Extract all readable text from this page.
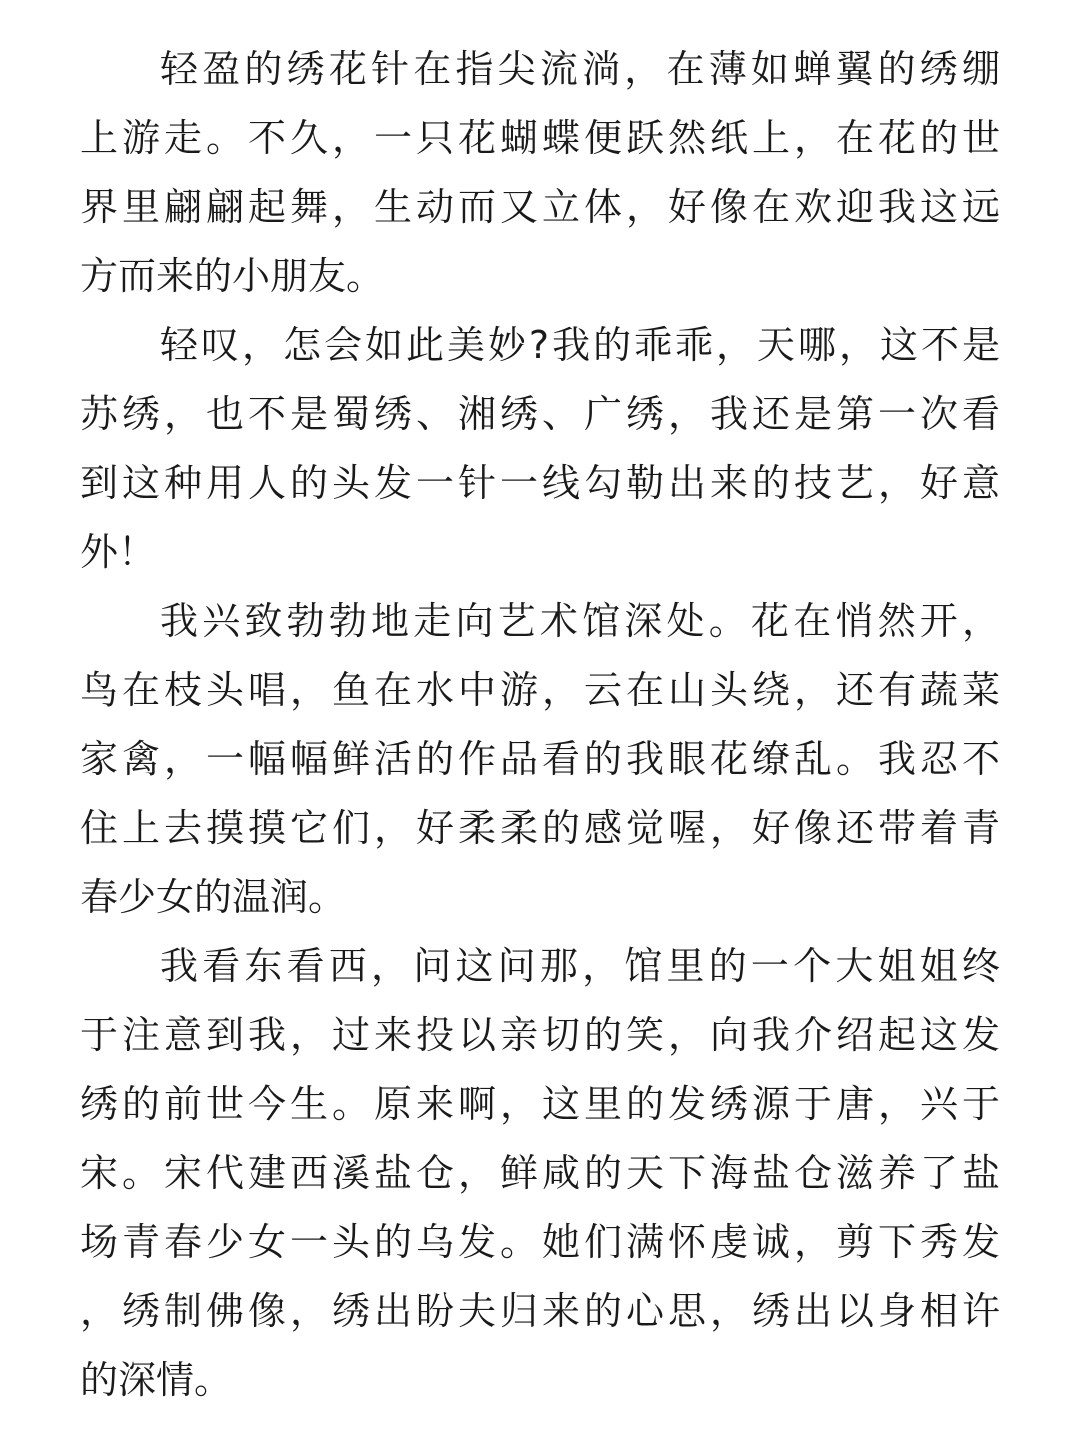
轻盈的绣花针在指尖流淌，在薄如蝉翼的绣绷
上游走。不久，一只花蝴蝶便跃然纸上，在花的世
界里翩翩起舞，生动而又立体，好像在欢迎我这远
方而来的小朋友。
轻叹，怎会如此美妙?我的乖乖，天哪，这不是
苏绣，也不是蜀绣、湘绣、广绣，我还是第一次看
到这种用人的头发一针一线勾勒出来的技艺，好意
外！
我兴致勃勃地走向艺术馆深处。花在悄然开，
鸟在枝头唱，鱼在水中游，云在山头绕，还有蔬菜
家禽，一幅幅鲜活的作品看的我眼花缭乱。我忍不
住上去摸摸它们，好柔柔的感觉喔，好像还带着青
春少女的温润。
我看东看西，问这问那，馆里的一个大姐姐终
于注意到我，过来投以亲切的笑，向我介绍起这发
绣的前世今生。原来啊，这里的发绣源于唐，兴于
宋。宋代建西溪盐仓，鲜咸的天下海盐仓滋养了盐
场青春少女一头的乌发。她们满怀虔诚，剪下秀发
，绣制佛像，绣出盼夫归来的心思，绣出以身相许
的深情。
